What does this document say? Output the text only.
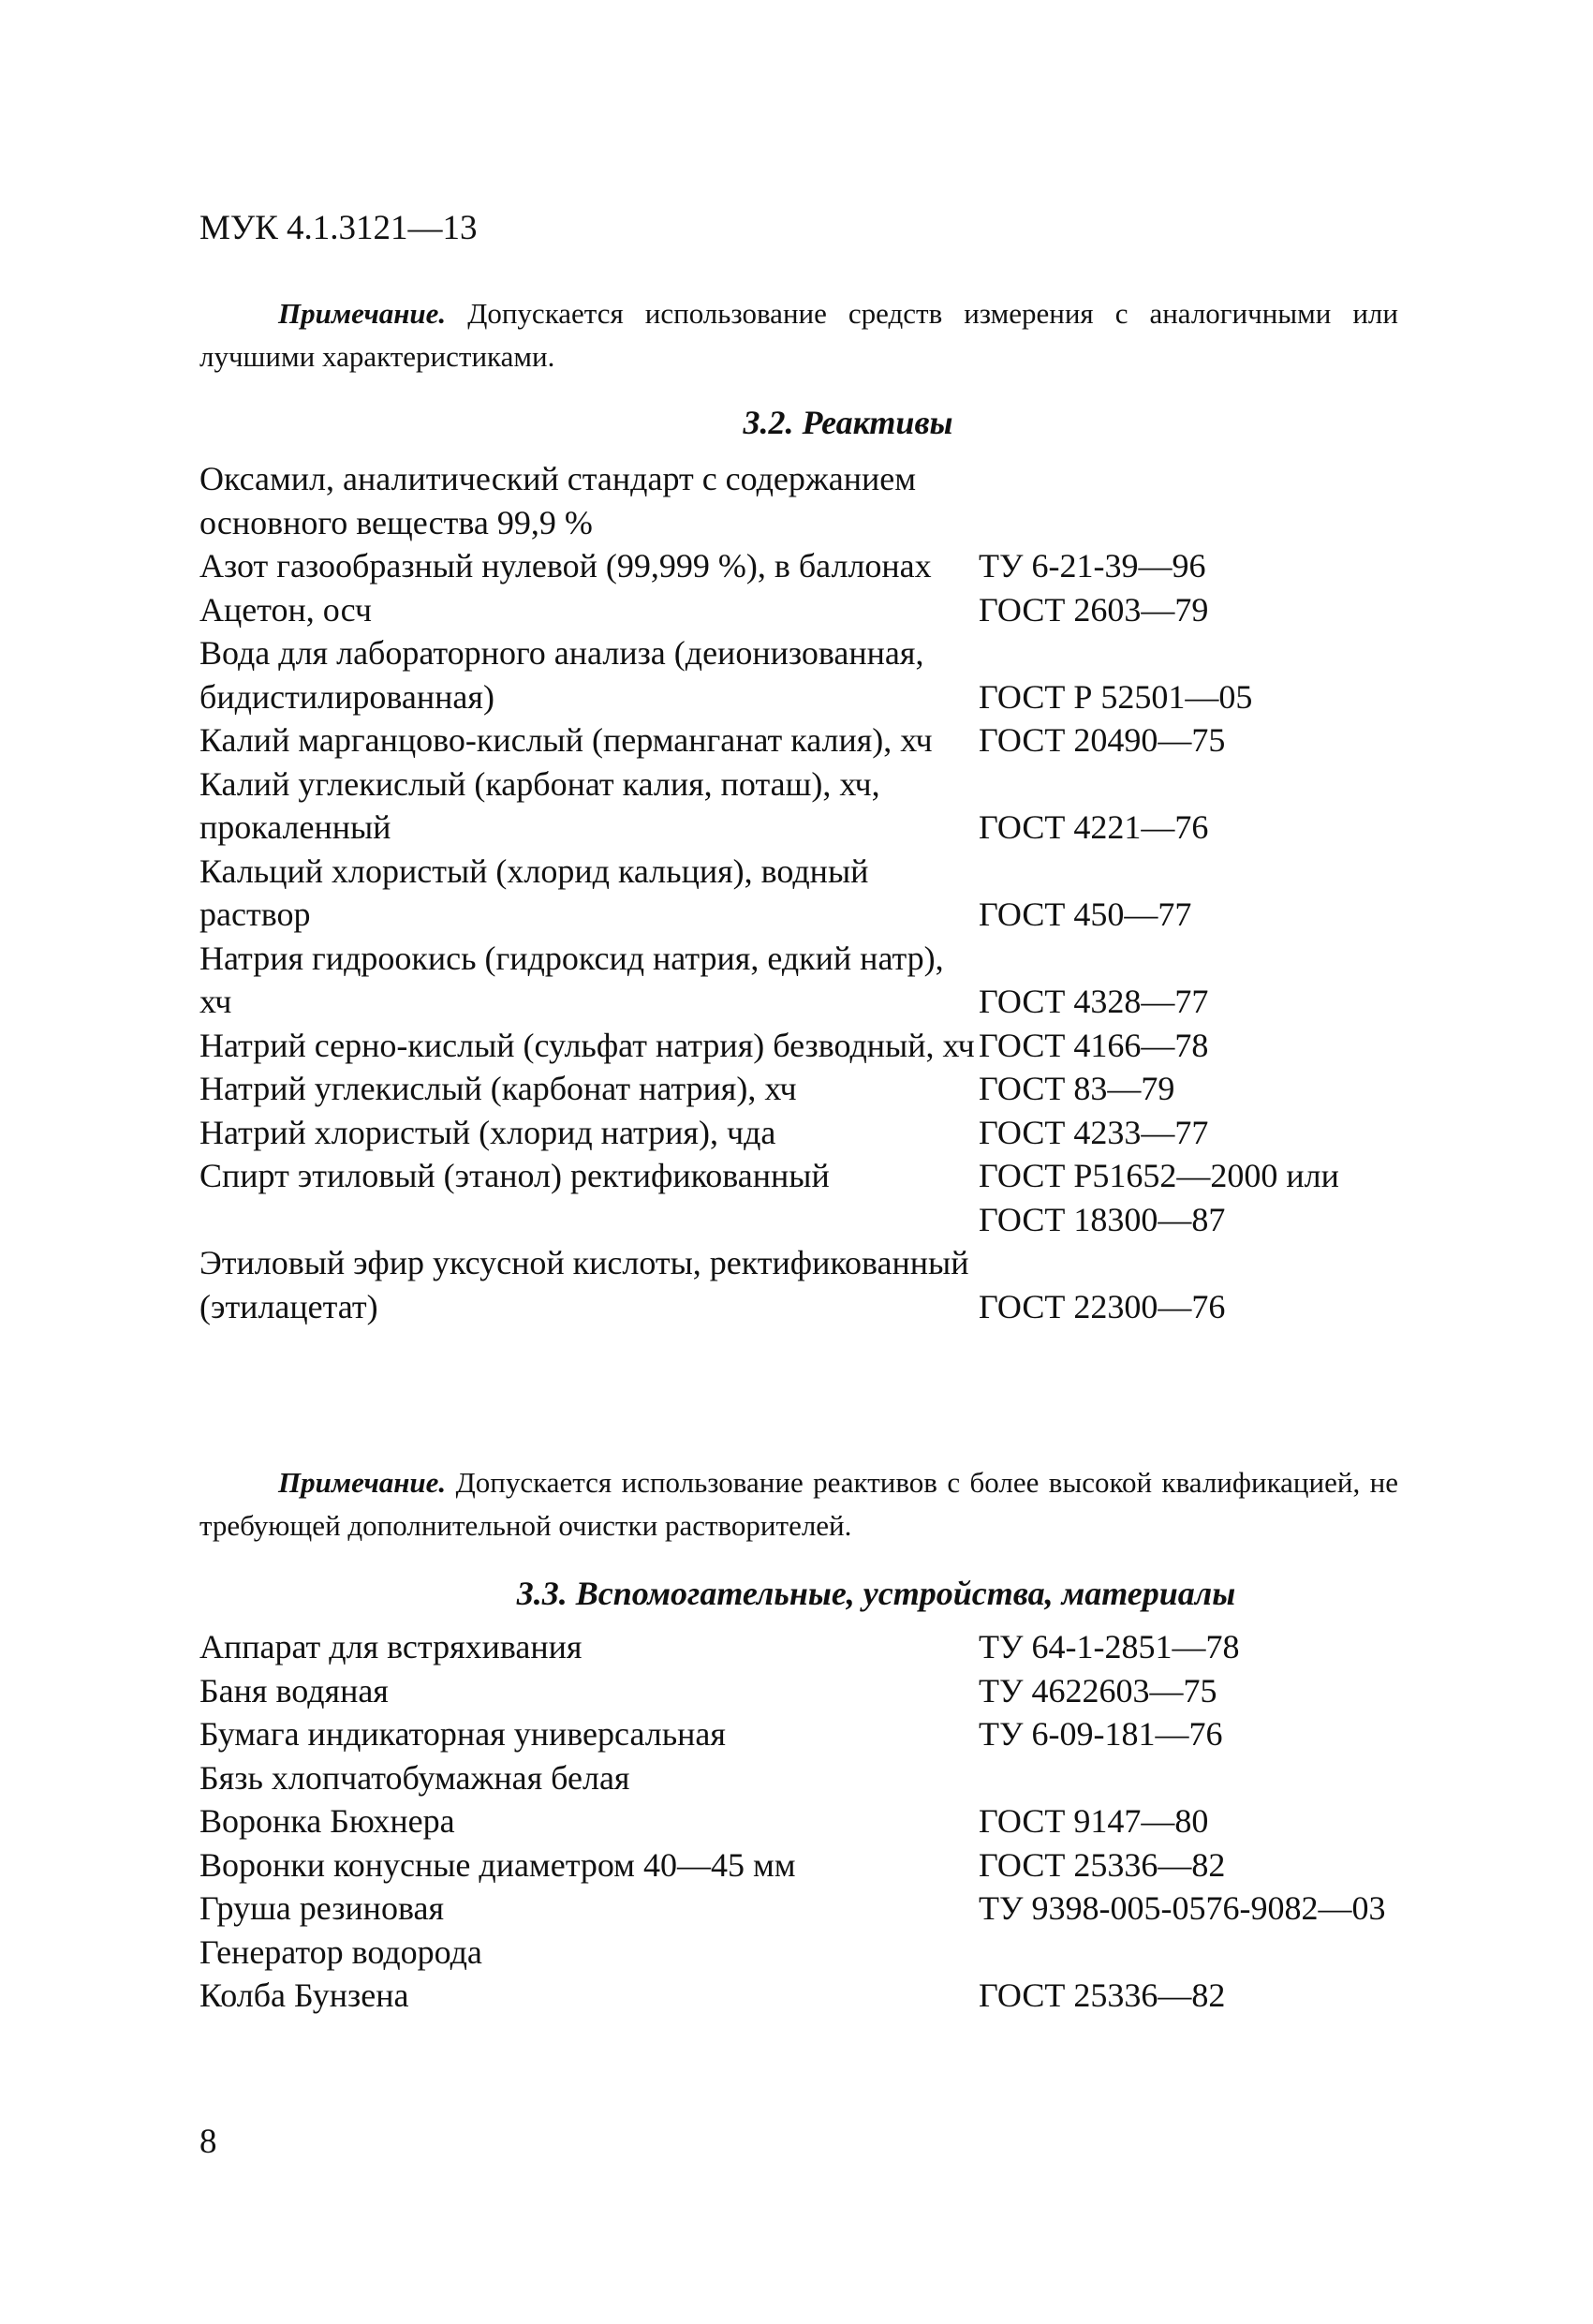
МУК 4.1.3121—13
Примечание. Допускается использование средств измерения с аналогичными или лучшими характеристиками.
3.2. Реактивы
Оксамил, аналитический стандарт с содержанием основного вещества 99,9 %
Азот газообразный нулевой (99,999 %), в баллонах	ТУ 6-21-39—96
Ацетон, осч	ГОСТ 2603—79
Вода для лабораторного анализа (деионизованная, бидистилированная)	ГОСТ Р 52501—05
Калий марганцово-кислый (перманганат калия), хч	ГОСТ 20490—75
Калий углекислый (карбонат калия, поташ), хч, прокаленный	ГОСТ 4221—76
Кальций хлористый (хлорид кальция), водный раствор	ГОСТ 450—77
Натрия гидроокись (гидроксид натрия, едкий натр), хч	ГОСТ 4328—77
Натрий серно-кислый (сульфат натрия) безводный, хч ГОСТ 4166—78
Натрий углекислый (карбонат натрия), хч	ГОСТ 83—79
Натрий хлористый (хлорид натрия), чда	ГОСТ 4233—77
Спирт этиловый (этанол) ректификованный	ГОСТ Р51652—2000 или
ГОСТ 18300—87
Этиловый эфир уксусной кислоты, ректификованный (этилацетат)	ГОСТ 22300—76
Примечание. Допускается использование реактивов с более высокой квалификацией, не требующей дополнительной очистки растворителей.
3.3. Вспомогательные, устройства, материалы
Аппарат для встряхивания	ТУ 64-1-2851—78
Баня водяная	ТУ 4622603—75
Бумага индикаторная универсальная	ТУ 6-09-181—76
Бязь хлопчатобумажная белая
Воронка Бюхнера	ГОСТ 9147—80
Воронки конусные диаметром 40—45 мм	ГОСТ 25336—82
Груша резиновая	ТУ 9398-005-0576-9082—03
Генератор водорода
Колба Бунзена	ГОСТ 25336—82
8
